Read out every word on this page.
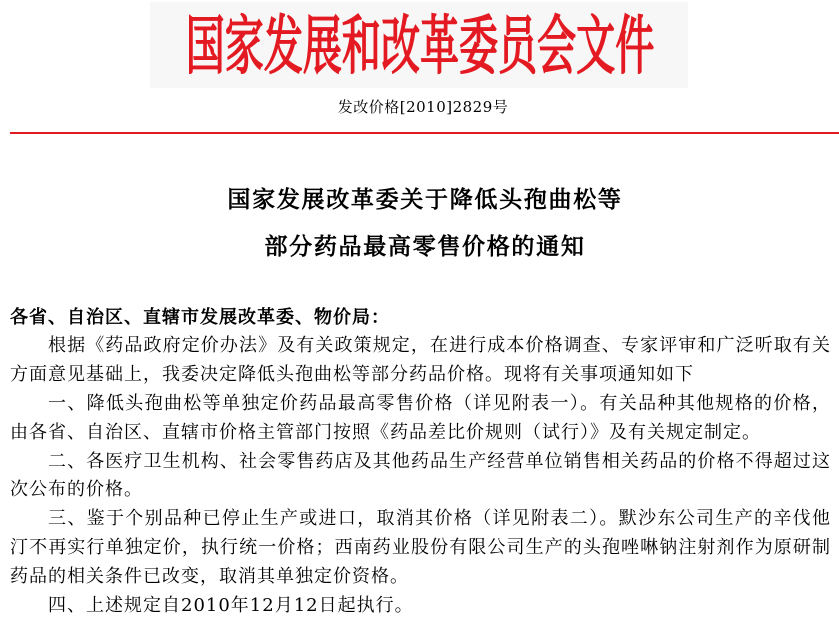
国家发展和改革委员会文件
发改价格[2010]2829号
国家发展改革委关于降低头孢曲松等
部分药品最高零售价格的通知
各省、自治区、直辖市发展改革委、物价局：
根据《药品政府定价办法》及有关政策规定，在进行成本价格调查、专家评审和广泛听取有关
方面意见基础上，我委决定降低头孢曲松等部分药品价格。现将有关事项通知如下
一、降低头孢曲松等单独定价药品最高零售价格（详见附表一）。有关品种其他规格的价格，
由各省、自治区、直辖市价格主管部门按照《药品差比价规则（试行）》及有关规定制定。
二、各医疗卫生机构、社会零售药店及其他药品生产经营单位销售相关药品的价格不得超过这
次公布的价格。
三、鉴于个别品种已停止生产或进口，取消其价格（详见附表二）。默沙东公司生产的辛伐他
汀不再实行单独定价，执行统一价格；西南药业股份有限公司生产的头孢唑啉钠注射剂作为原研制
药品的相关条件已改变，取消其单独定价资格。
四、上述规定自2010年12月12日起执行。
